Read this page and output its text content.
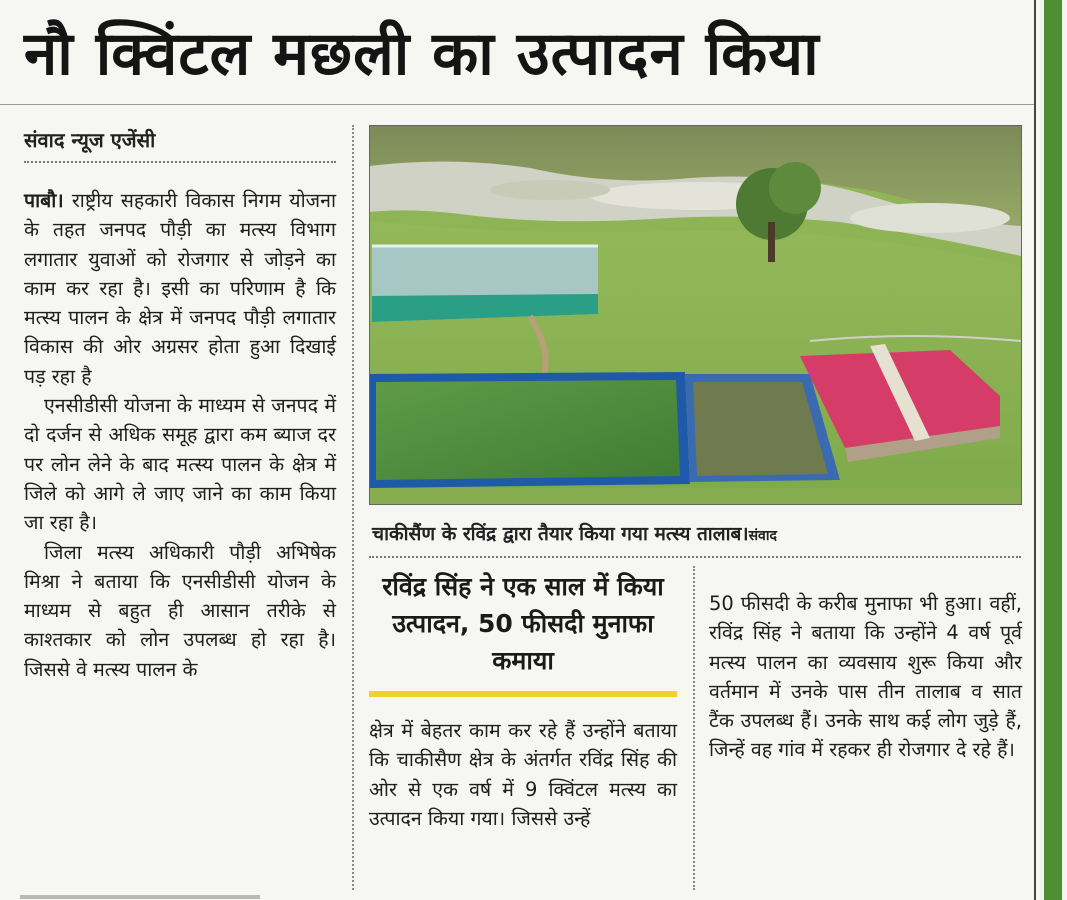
नौ क्विंटल मछली का उत्पादन किया
संवाद न्यूज एजेंसी

पाबौ। राष्ट्रीय सहकारी विकास निगम योजना के तहत जनपद पौड़ी का मत्स्य विभाग लगातार युवाओं को रोजगार से जोड़ने का काम कर रहा है। इसी का परिणाम है कि मत्स्य पालन के क्षेत्र में जनपद पौड़ी लगातार विकास की ओर अग्रसर होता हुआ दिखाई पड़ रहा है

एनसीडीसी योजना के माध्यम से जनपद में दो दर्जन से अधिक समूह द्वारा कम ब्याज दर पर लोन लेने के बाद मत्स्य पालन के क्षेत्र में जिले को आगे ले जाए जाने का काम किया जा रहा है।

जिला मत्स्य अधिकारी पौड़ी अभिषेक मिश्रा ने बताया कि एनसीडीसी योजन के माध्यम से बहुत ही आसान तरीके से काश्तकार को लोन उपलब्ध हो रहा है। जिससे वे मत्स्य पालन के

चाकीसैंण के रविंद्र द्वारा तैयार किया गया मत्स्य तालाब।संवाद
रविंद्र सिंह ने एक साल में किया उत्पादन, 50 फीसदी मुनाफा कमाया

क्षेत्र में बेहतर काम कर रहे हैं उन्होंने बताया कि चाकीसैण क्षेत्र के अंतर्गत रविंद्र सिंह की ओर से एक वर्ष में 9 क्विंटल मत्स्य का उत्पादन किया गया। जिससे उन्हें

50 फीसदी के करीब मुनाफा भी हुआ। वहीं, रविंद्र सिंह ने बताया कि उन्होंने 4 वर्ष पूर्व मत्स्य पालन का व्यवसाय शुरू किया और वर्तमान में उनके पास तीन तालाब व सात टैंक उपलब्ध हैं। उनके साथ कई लोग जुड़े हैं, जिन्हें वह गांव में रहकर ही रोजगार दे रहे हैं।
